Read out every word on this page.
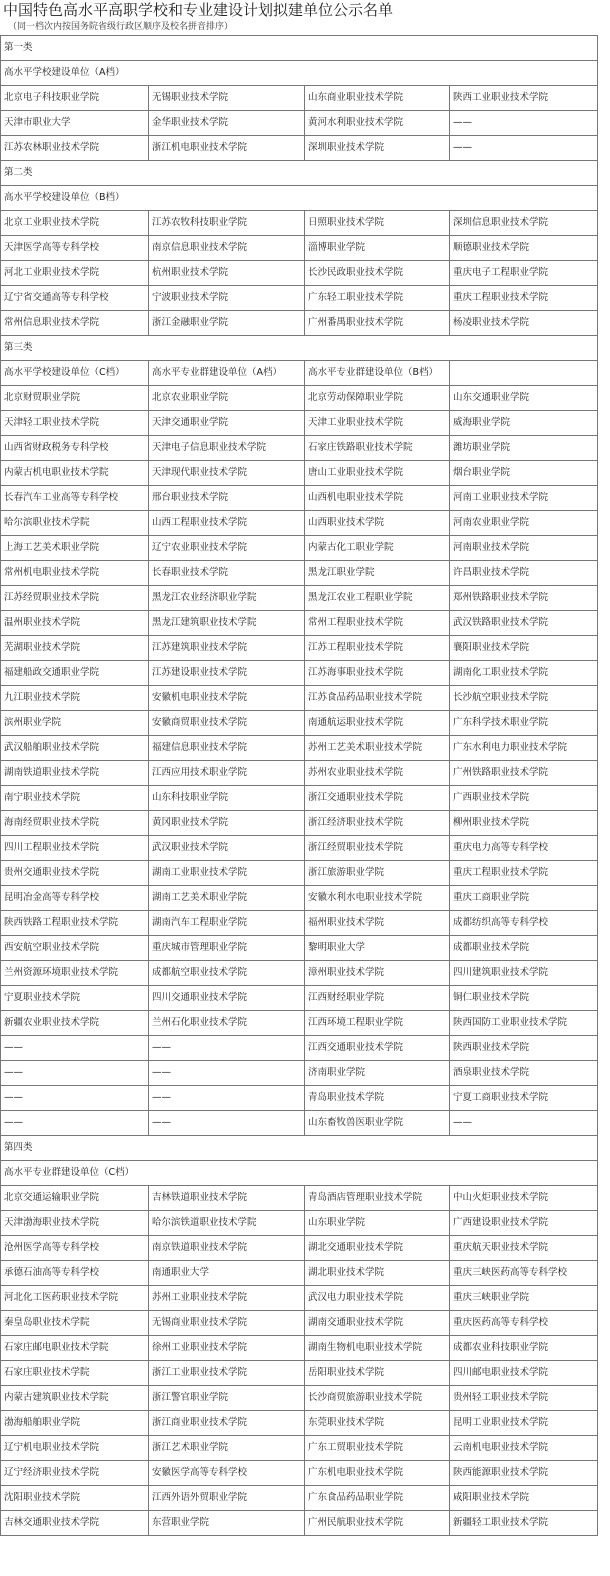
中国特色高水平高职学校和专业建设计划拟建单位公示名单
（同一档次内按国务院省级行政区顺序及校名拼音排序）
第一类			
高水平学校建设单位（A档）			
北京电子科技职业学院	无锡职业技术学院	山东商业职业技术学院	陕西工业职业技术学院
天津市职业大学	金华职业技术学院	黄河水利职业技术学院	——
江苏农林职业技术学院	浙江机电职业技术学院	深圳职业技术学院	——
第二类			
高水平学校建设单位（B档）			
北京工业职业技术学院	江苏农牧科技职业学院	日照职业技术学院	深圳信息职业技术学院
天津医学高等专科学校	南京信息职业技术学院	淄博职业学院	顺德职业技术学院
河北工业职业技术学院	杭州职业技术学院	长沙民政职业技术学院	重庆电子工程职业学院
辽宁省交通高等专科学校	宁波职业技术学院	广东轻工职业技术学院	重庆工程职业技术学院
常州信息职业技术学院	浙江金融职业学院	广州番禺职业技术学院	杨凌职业技术学院
第三类			
高水平学校建设单位（C档）	高水平专业群建设单位（A档）	高水平专业群建设单位（B档）	
北京财贸职业学院	北京农业职业学院	北京劳动保障职业学院	山东交通职业学院
天津轻工职业技术学院	天津交通职业学院	天津工业职业技术学院	威海职业学院
山西省财政税务专科学校	天津电子信息职业技术学院	石家庄铁路职业技术学院	潍坊职业学院
内蒙古机电职业技术学院	天津现代职业技术学院	唐山工业职业技术学院	烟台职业学院
长春汽车工业高等专科学校	邢台职业技术学院	山西机电职业技术学院	河南工业职业技术学院
哈尔滨职业技术学院	山西工程职业技术学院	山西职业技术学院	河南农业职业学院
上海工艺美术职业学院	辽宁农业职业技术学院	内蒙古化工职业学院	河南职业技术学院
常州机电职业技术学院	长春职业技术学院	黑龙江职业学院	许昌职业技术学院
江苏经贸职业技术学院	黑龙江农业经济职业学院	黑龙江农业工程职业学院	郑州铁路职业技术学院
温州职业技术学院	黑龙江建筑职业技术学院	常州工程职业技术学院	武汉铁路职业技术学院
芜湖职业技术学院	江苏建筑职业技术学院	江苏工程职业技术学院	襄阳职业技术学院
福建船政交通职业学院	江苏建设职业技术学院	江苏海事职业技术学院	湖南化工职业技术学院
九江职业技术学院	安徽机电职业技术学院	江苏食品药品职业技术学院	长沙航空职业技术学院
滨州职业学院	安徽商贸职业技术学院	南通航运职业技术学院	广东科学技术职业学院
武汉船舶职业技术学院	福建信息职业技术学院	苏州工艺美术职业技术学院	广东水利电力职业技术学院
湖南铁道职业技术学院	江西应用技术职业学院	苏州农业职业技术学院	广州铁路职业技术学院
南宁职业技术学院	山东科技职业学院	浙江交通职业技术学院	广西职业技术学院
海南经贸职业技术学院	黄冈职业技术学院	浙江经济职业技术学院	柳州职业技术学院
四川工程职业技术学院	武汉职业技术学院	浙江经贸职业技术学院	重庆电力高等专科学校
贵州交通职业技术学院	湖南工业职业技术学院	浙江旅游职业学院	重庆工程职业技术学院
昆明冶金高等专科学校	湖南工艺美术职业学院	安徽水利水电职业技术学院	重庆工商职业学院
陕西铁路工程职业技术学院	湖南汽车工程职业学院	福州职业技术学院	成都纺织高等专科学校
西安航空职业技术学院	重庆城市管理职业学院	黎明职业大学	成都职业技术学院
兰州资源环境职业技术学院	成都航空职业技术学院	漳州职业技术学院	四川建筑职业技术学院
宁夏职业技术学院	四川交通职业技术学院	江西财经职业学院	铜仁职业技术学院
新疆农业职业技术学院	兰州石化职业技术学院	江西环境工程职业学院	陕西国防工业职业技术学院
——	——	江西交通职业技术学院	陕西职业技术学院
——	——	济南职业学院	酒泉职业技术学院
——	——	青岛职业技术学院	宁夏工商职业技术学院
——	——	山东畜牧兽医职业学院	——
第四类			
高水平专业群建设单位（C档）			
北京交通运输职业学院	吉林铁道职业技术学院	青岛酒店管理职业技术学院	中山火炬职业技术学院
天津渤海职业技术学院	哈尔滨铁道职业技术学院	山东职业学院	广西建设职业技术学院
沧州医学高等专科学校	南京铁道职业技术学院	湖北交通职业技术学院	重庆航天职业技术学院
承德石油高等专科学校	南通职业大学	湖北职业技术学院	重庆三峡医药高等专科学校
河北化工医药职业技术学院	苏州工业职业技术学院	武汉电力职业技术学院	重庆三峡职业学院
秦皇岛职业技术学院	无锡商业职业技术学院	湖南交通职业技术学院	重庆医药高等专科学校
石家庄邮电职业技术学院	徐州工业职业技术学院	湖南生物机电职业技术学院	成都农业科技职业学院
石家庄职业技术学院	浙江工业职业技术学院	岳阳职业技术学院	四川邮电职业技术学院
内蒙古建筑职业技术学院	浙江警官职业学院	长沙商贸旅游职业技术学院	贵州轻工职业技术学院
渤海船舶职业学院	浙江商业职业技术学院	东莞职业技术学院	昆明工业职业技术学院
辽宁机电职业技术学院	浙江艺术职业学院	广东工贸职业技术学院	云南机电职业技术学院
辽宁经济职业技术学院	安徽医学高等专科学校	广东机电职业技术学院	陕西能源职业技术学院
沈阳职业技术学院	江西外语外贸职业学院	广东食品药品职业学院	咸阳职业技术学院
吉林交通职业技术学院	东营职业学院	广州民航职业技术学院	新疆轻工职业技术学院
